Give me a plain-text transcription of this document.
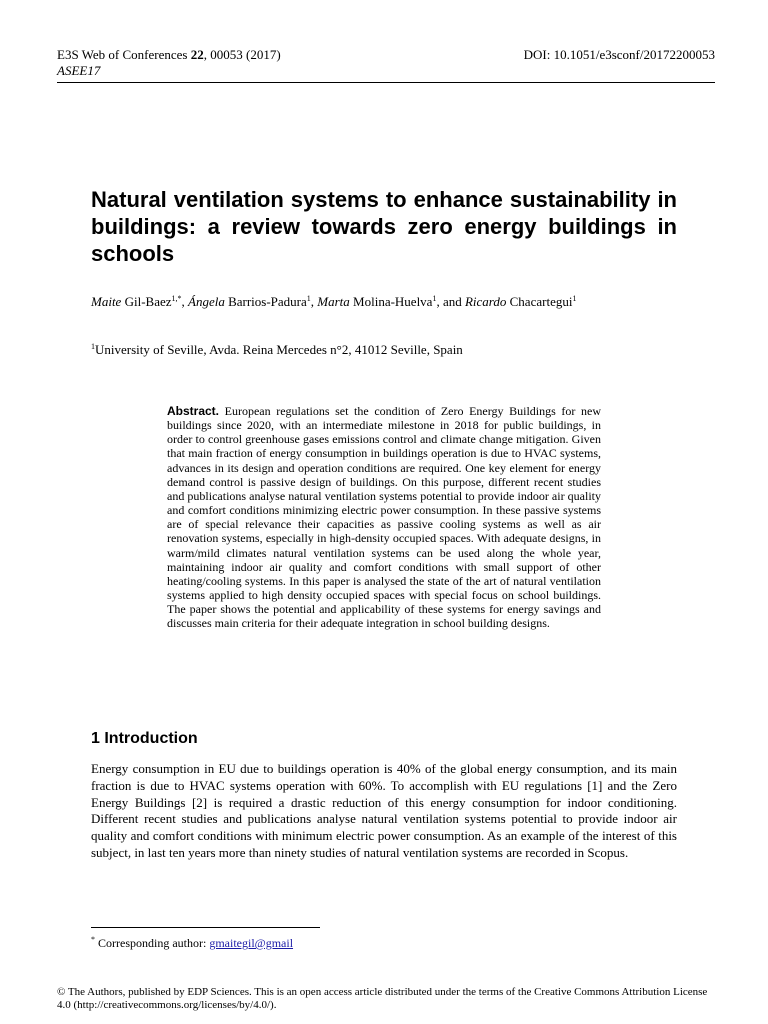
E3S Web of Conferences 22, 00053 (2017)
ASEE17
DOI: 10.1051/e3sconf/20172200053
Natural ventilation systems to enhance sustainability in buildings: a review towards zero energy buildings in schools
Maite Gil-Baez$^{1,*}$, Ángela Barrios-Padura$^1$, Marta Molina-Huelva$^1$, and Ricardo Chacartegui$^1$
$^1$University of Seville, Avda. Reina Mercedes n°2, 41012 Seville, Spain
Abstract. European regulations set the condition of Zero Energy Buildings for new buildings since 2020, with an intermediate milestone in 2018 for public buildings, in order to control greenhouse gases emissions control and climate change mitigation. Given that main fraction of energy consumption in buildings operation is due to HVAC systems, advances in its design and operation conditions are required. One key element for energy demand control is passive design of buildings. On this purpose, different recent studies and publications analyse natural ventilation systems potential to provide indoor air quality and comfort conditions minimizing electric power consumption. In these passive systems are of special relevance their capacities as passive cooling systems as well as air renovation systems, especially in high-density occupied spaces. With adequate designs, in warm/mild climates natural ventilation systems can be used along the whole year, maintaining indoor air quality and comfort conditions with small support of other heating/cooling systems. In this paper is analysed the state of the art of natural ventilation systems applied to high density occupied spaces with special focus on school buildings. The paper shows the potential and applicability of these systems for energy savings and discusses main criteria for their adequate integration in school building designs.
1 Introduction

Energy consumption in EU due to buildings operation is 40% of the global energy consumption, and its main fraction is due to HVAC systems operation with 60%. To accomplish with EU regulations [1] and the Zero Energy Buildings [2] is required a drastic reduction of this energy consumption for indoor conditioning. Different recent studies and publications analyse natural ventilation systems potential to provide indoor air quality and comfort conditions with minimum electric power consumption. As an example of the interest of this subject, in last ten years more than ninety studies of natural ventilation systems are recorded in Scopus.

* Corresponding author: gmaitegil@gmail
© The Authors, published by EDP Sciences. This is an open access article distributed under the terms of the Creative Commons Attribution License 4.0 (http://creativecommons.org/licenses/by/4.0/).
